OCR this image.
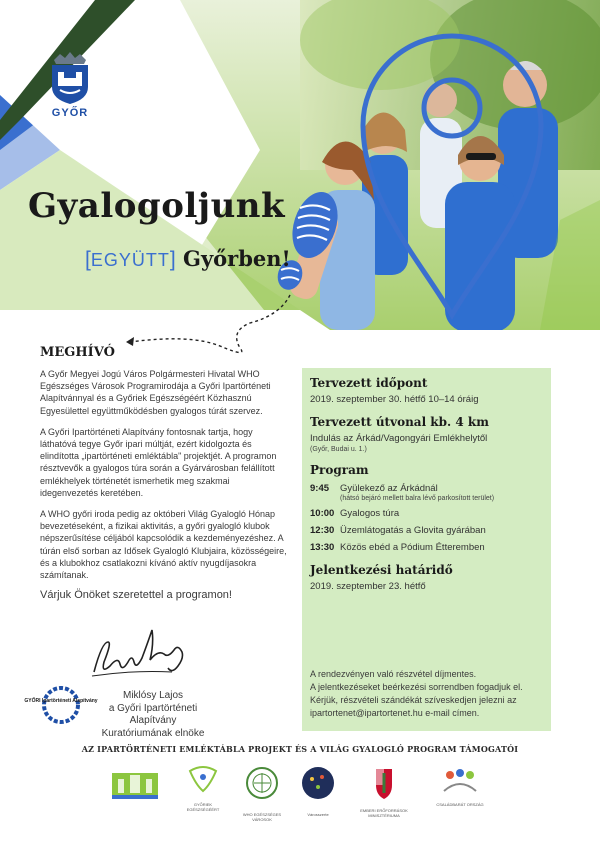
GYŐR
Gyalogoljunk
[EGYÜTT] Győrben!
MEGHÍVÓ
A Győr Megyei Jogú Város Polgármesteri Hivatal WHO Egészséges Városok Programirodája a Győri Ipartörténeti Alapítvánnyal és a Győriek Egészségéért Közhasznú Egyesülettel együttműködésben gyalogos túrát szervez.
A Győri Ipartörténeti Alapítvány fontosnak tartja, hogy láthatóvá tegye Győr ipari múltját, ezért kidolgozta és elindította „ipartörténeti emléktábla" projektjét. A programon résztvevők a gyalogos túra során a Gyárvárosban felállított emlékhelyek történetét ismerhetik meg szakmai idegenvezetés keretében.
A WHO győri iroda pedig az októberi Világ Gyalogló Hónap bevezetéseként, a fizikai aktivitás, a győri gyalogló klubok népszerűsítése céljából kapcsolódik a kezdeményezéshez. A túrán első sorban az Idősek Gyalogló Klubjaira, közösségeire, és a klubokhoz csatlakozni kívánó aktív nyugdíjasokra számítanak.
Várjuk Önöket szeretettel a programon!
GYŐRI Ipartörténeti Alapítvány	Miklósy Lajos
a Győri Ipartörténeti Alapítvány
Kuratóriumának elnöke
Tervezett időpont
2019. szeptember 30. hétfő 10–14 óráig
Tervezett útvonal kb. 4 km
Indulás az Árkád/Vagongyári Emlékhelytől
(Győr, Budai u. 1.)
Program
9:45	Gyülekező az Árkádnál
(hátsó bejáró mellett balra lévő parkosított terület)
10:00 Gyalogos túra
12:30 Üzemlátogatás a Glovita gyárában
13:30 Közös ebéd a Pódium Étteremben
Jelentkezési határidő
2019. szeptember 23. hétfő
A rendezvényen való részvétel díjmentes.
A jelentkezéseket beérkezési sorrendben fogadjuk el.
Kérjük, részvételi szándékát szíveskedjen jelezni az
ipartortenet@ipartortenet.hu e-mail címen.
AZ IPARTÖRTÉNETI EMLÉKTÁBLA PROJEKT ÉS A VILÁG GYALOGLÓ PROGRAM TÁMOGATÓI
GYŐRIEK EGÉSZSÉGÉÉRT
WHO EGÉSZSÉGES VÁROSOK
Városszerte
EMBERI ERŐFORRÁSOK MINISZTÉRIUMA
CSALÁDBARÁT ORSZÁG
